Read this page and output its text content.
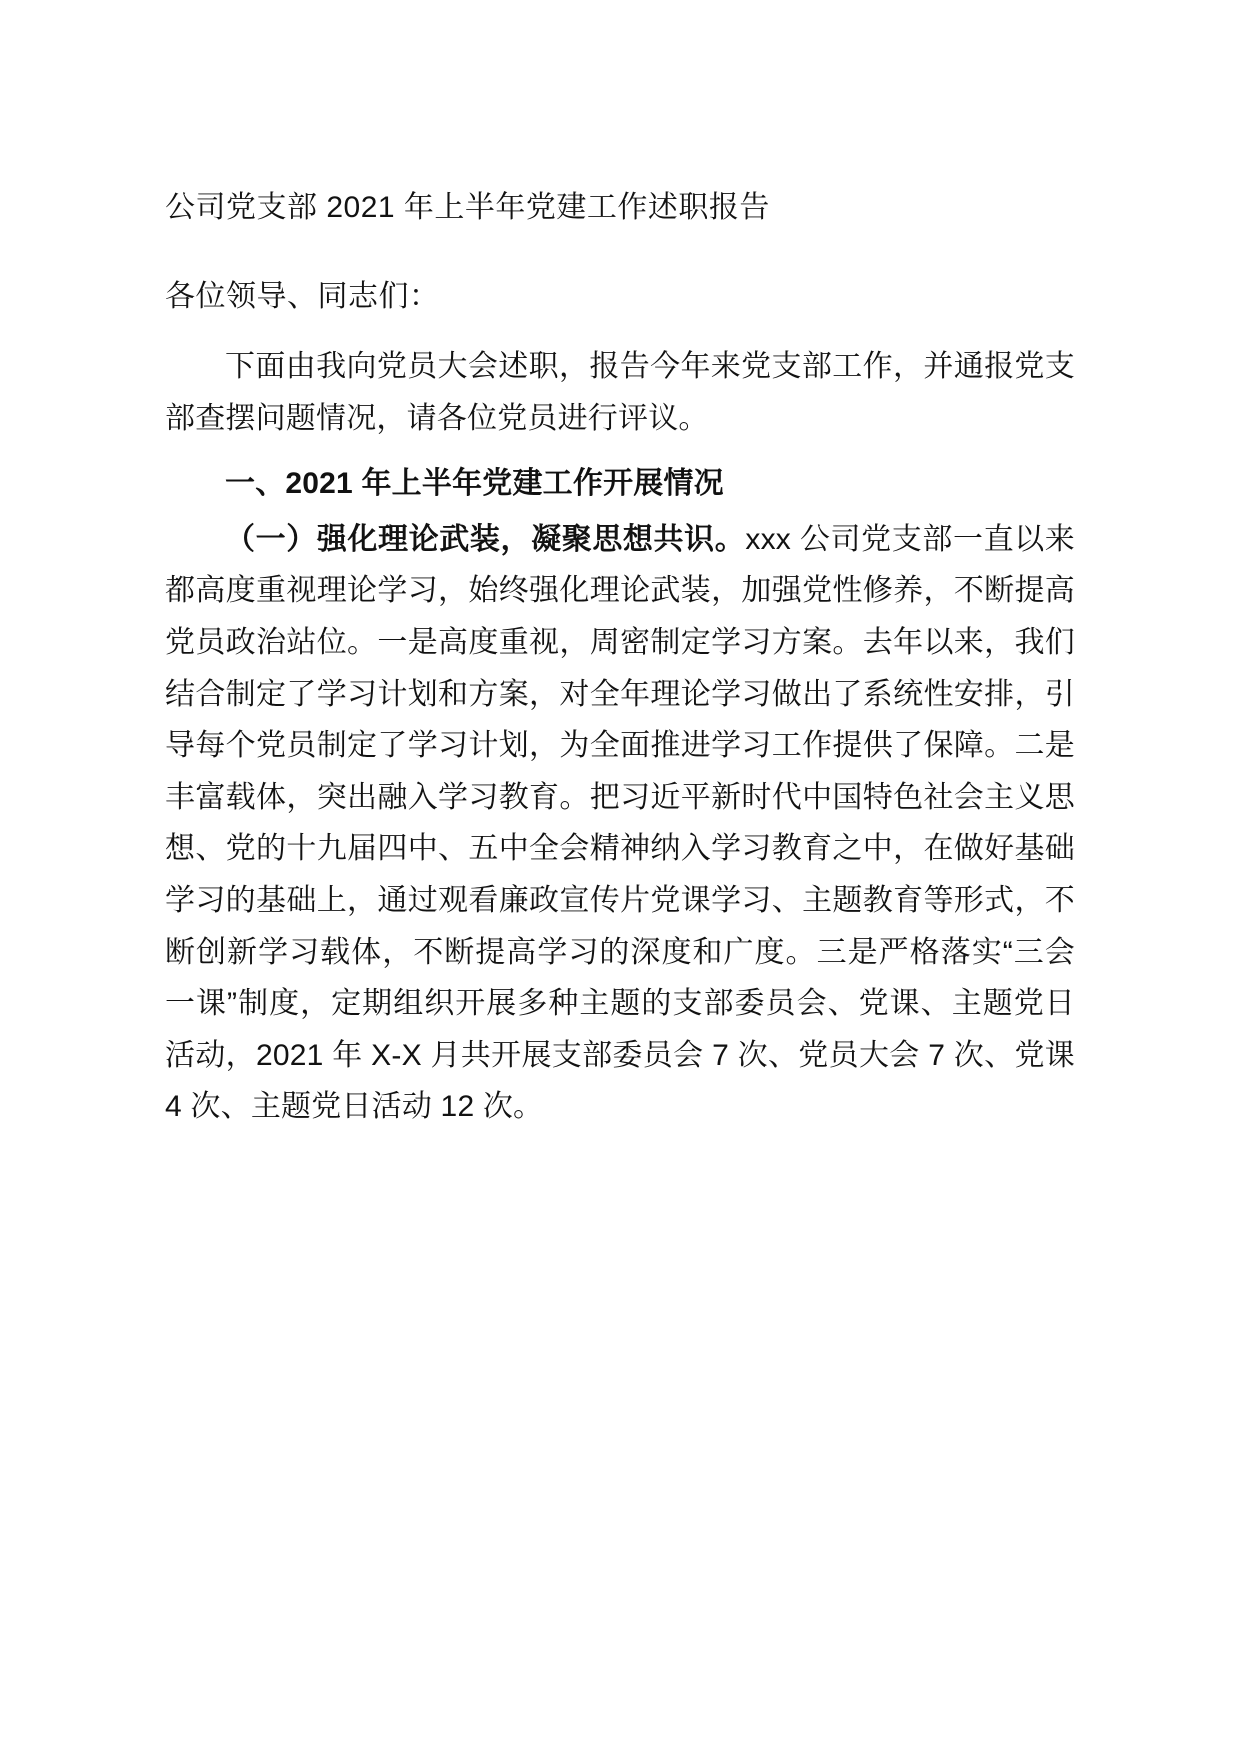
公司党支部 2021 年上半年党建工作述职报告

各位领导、同志们：

下面由我向党员大会述职，报告今年来党支部工作，并通报党支部查摆问题情况，请各位党员进行评议。

一、2021 年上半年党建工作开展情况

（一）强化理论武装，凝聚思想共识。xxx 公司党支部一直以来都高度重视理论学习，始终强化理论武装，加强党性修养，不断提高党员政治站位。一是高度重视，周密制定学习方案。去年以来，我们结合制定了学习计划和方案，对全年理论学习做出了系统性安排，引导每个党员制定了学习计划，为全面推进学习工作提供了保障。二是丰富载体，突出融入学习教育。把习近平新时代中国特色社会主义思想、党的十九届四中、五中全会精神纳入学习教育之中，在做好基础学习的基础上，通过观看廉政宣传片党课学习、主题教育等形式，不断创新学习载体，不断提高学习的深度和广度。三是严格落实“三会一课”制度，定期组织开展多种主题的支部委员会、党课、主题党日活动，2021 年 X-X 月共开展支部委员会 7 次、党员大会 7 次、党课 4 次、主题党日活动 12 次。
